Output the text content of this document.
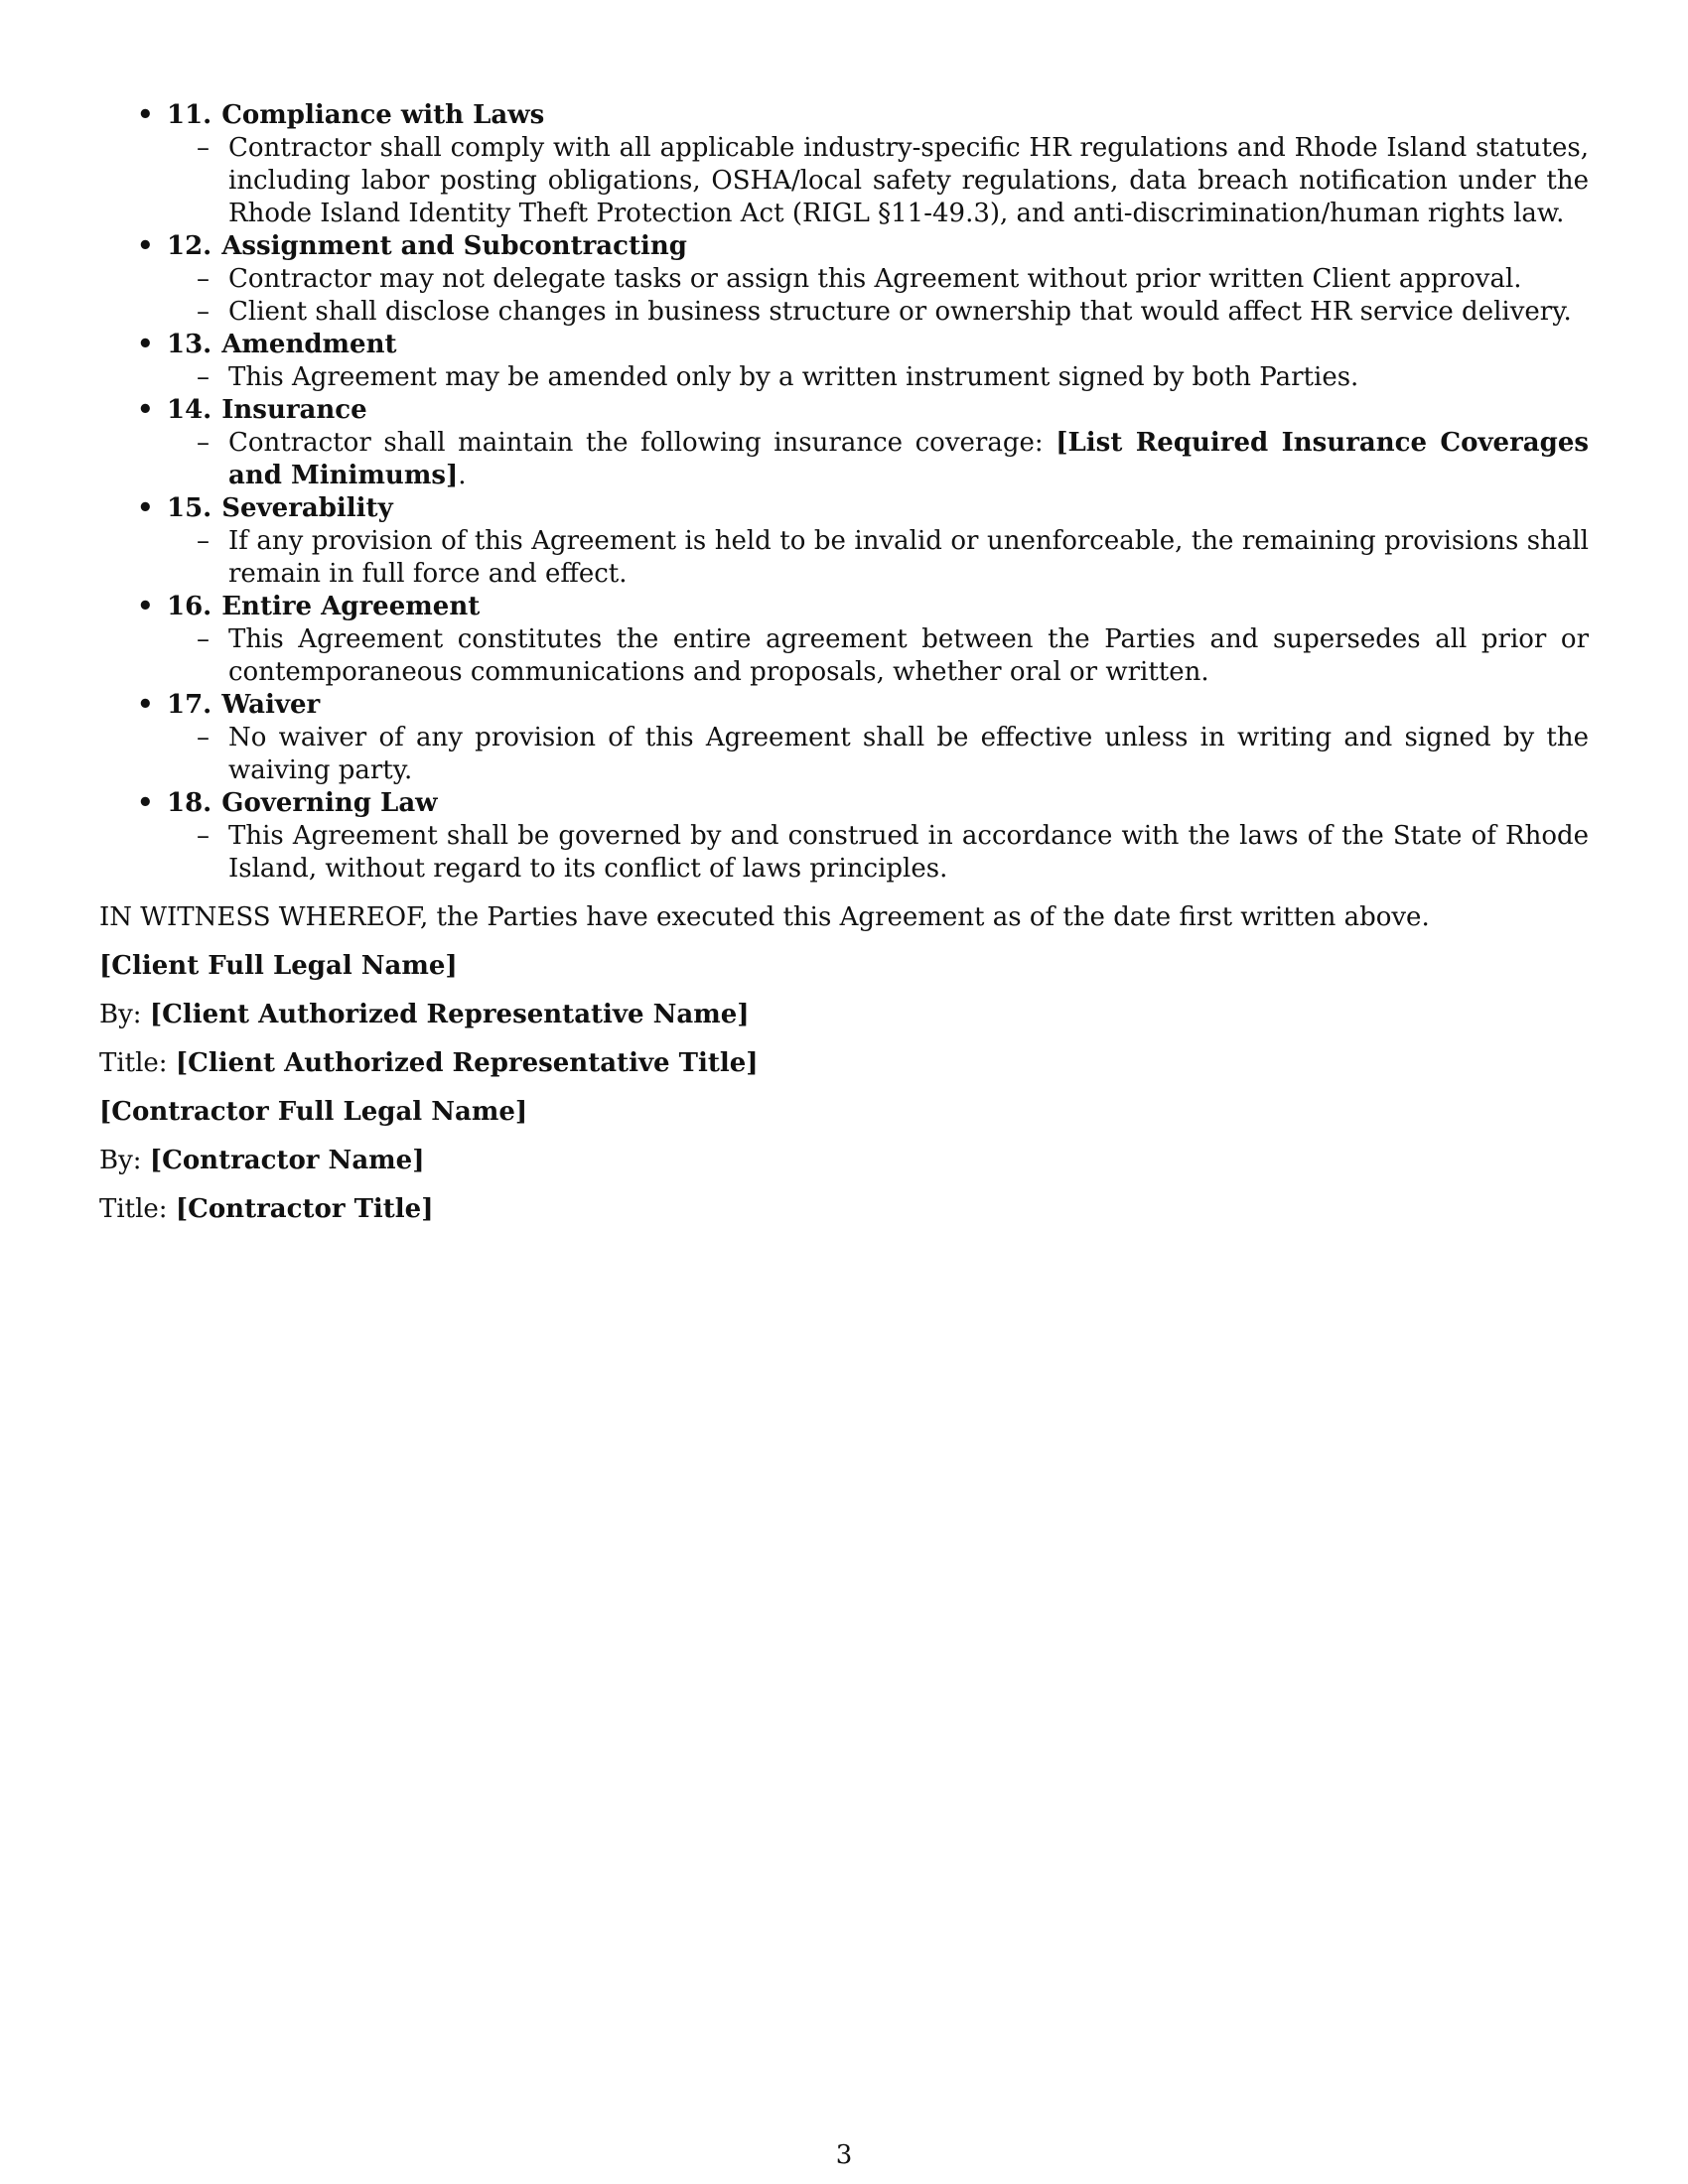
• 11. Compliance with Laws
– Contractor shall comply with all applicable industry-specific HR regulations and Rhode Island statutes, including labor posting obligations, OSHA/local safety regulations, data breach notification under the Rhode Island Identity Theft Protection Act (RIGL §11-49.3), and anti-discrimination/human rights law.
• 12. Assignment and Subcontracting
– Contractor may not delegate tasks or assign this Agreement without prior written Client approval.
– Client shall disclose changes in business structure or ownership that would affect HR service delivery.
• 13. Amendment
– This Agreement may be amended only by a written instrument signed by both Parties.
• 14. Insurance
– Contractor shall maintain the following insurance coverage: [List Required Insurance Coverages and Minimums].
• 15. Severability
– If any provision of this Agreement is held to be invalid or unenforceable, the remaining provisions shall remain in full force and effect.
• 16. Entire Agreement
– This Agreement constitutes the entire agreement between the Parties and supersedes all prior or contemporaneous communications and proposals, whether oral or written.
• 17. Waiver
– No waiver of any provision of this Agreement shall be effective unless in writing and signed by the waiving party.
• 18. Governing Law
– This Agreement shall be governed by and construed in accordance with the laws of the State of Rhode Island, without regard to its conflict of laws principles.
IN WITNESS WHEREOF, the Parties have executed this Agreement as of the date first written above.
[Client Full Legal Name]
By: [Client Authorized Representative Name]
Title: [Client Authorized Representative Title]
[Contractor Full Legal Name]
By: [Contractor Name]
Title: [Contractor Title]
3
